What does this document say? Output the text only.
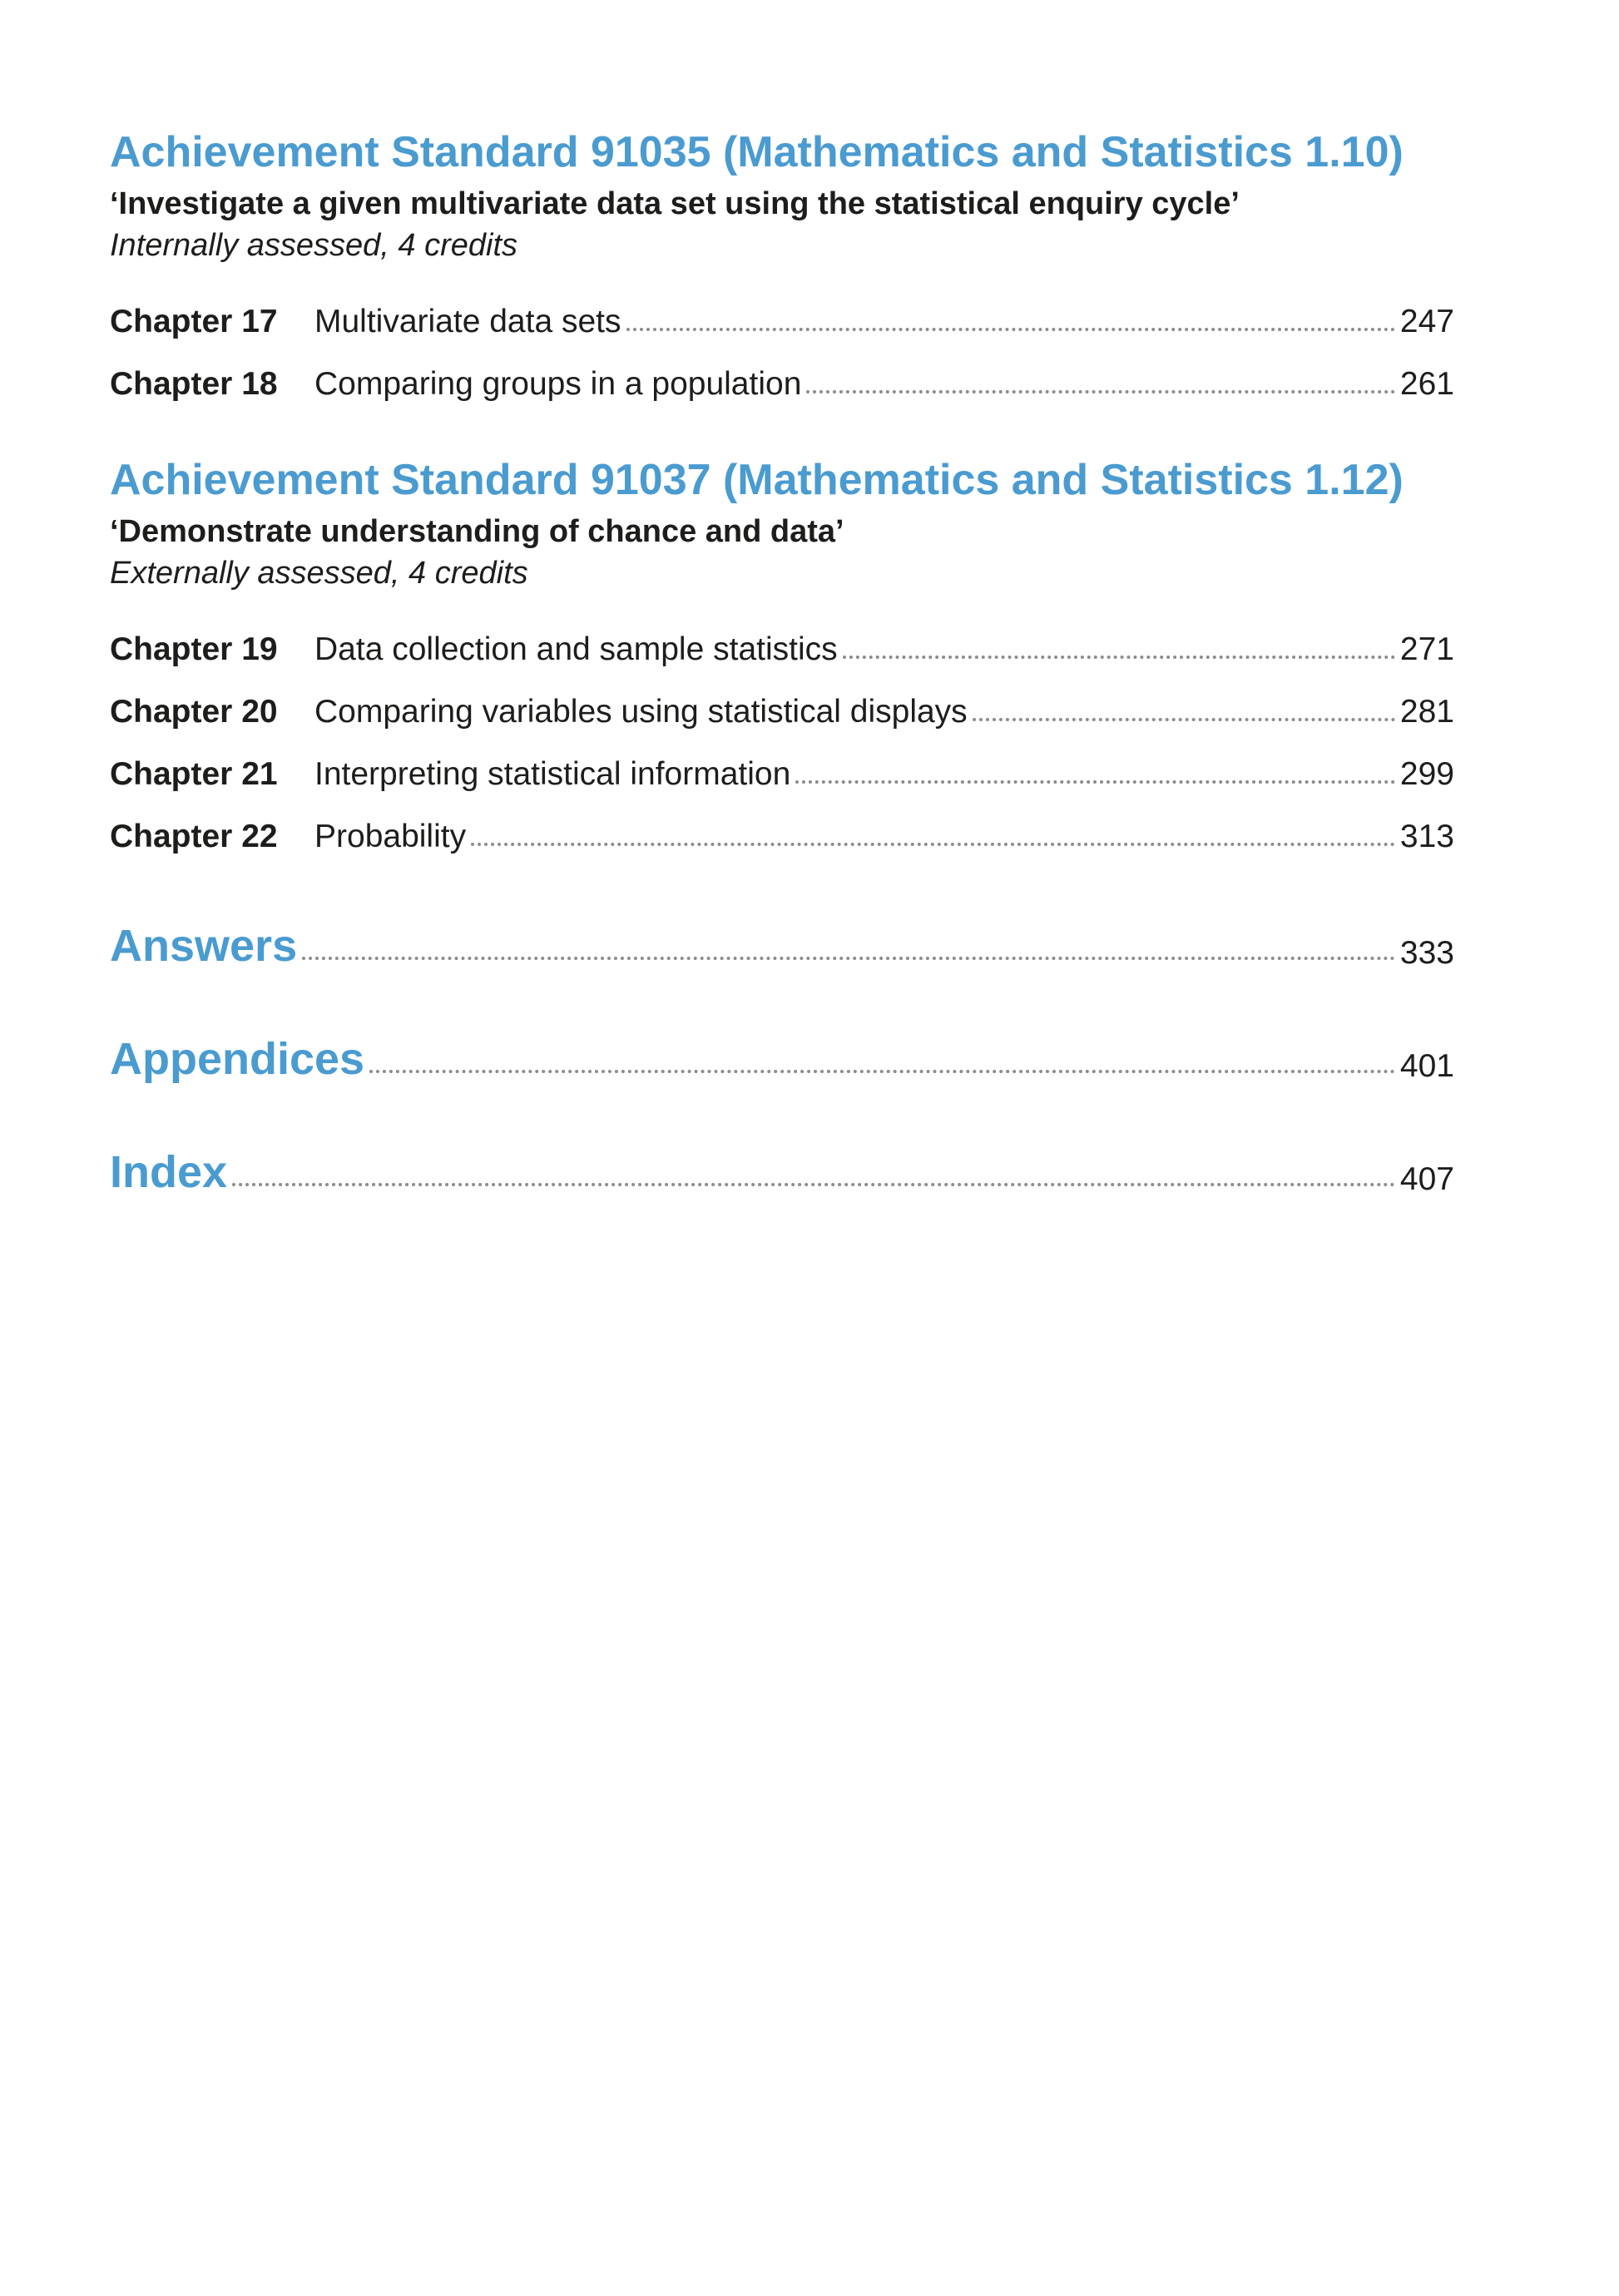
Achievement Standard 91035 (Mathematics and Statistics 1.10)
‘Investigate a given multivariate data set using the statistical enquiry cycle’
Internally assessed, 4 credits
Chapter 17	Multivariate data sets	247
Chapter 18	Comparing groups in a population	261
Achievement Standard 91037 (Mathematics and Statistics 1.12)
‘Demonstrate understanding of chance and data’
Externally assessed, 4 credits
Chapter 19	Data collection and sample statistics	271
Chapter 20	Comparing variables using statistical displays	281
Chapter 21	Interpreting statistical information	299
Chapter 22	Probability	313
Answers	333
Appendices	401
Index	407
